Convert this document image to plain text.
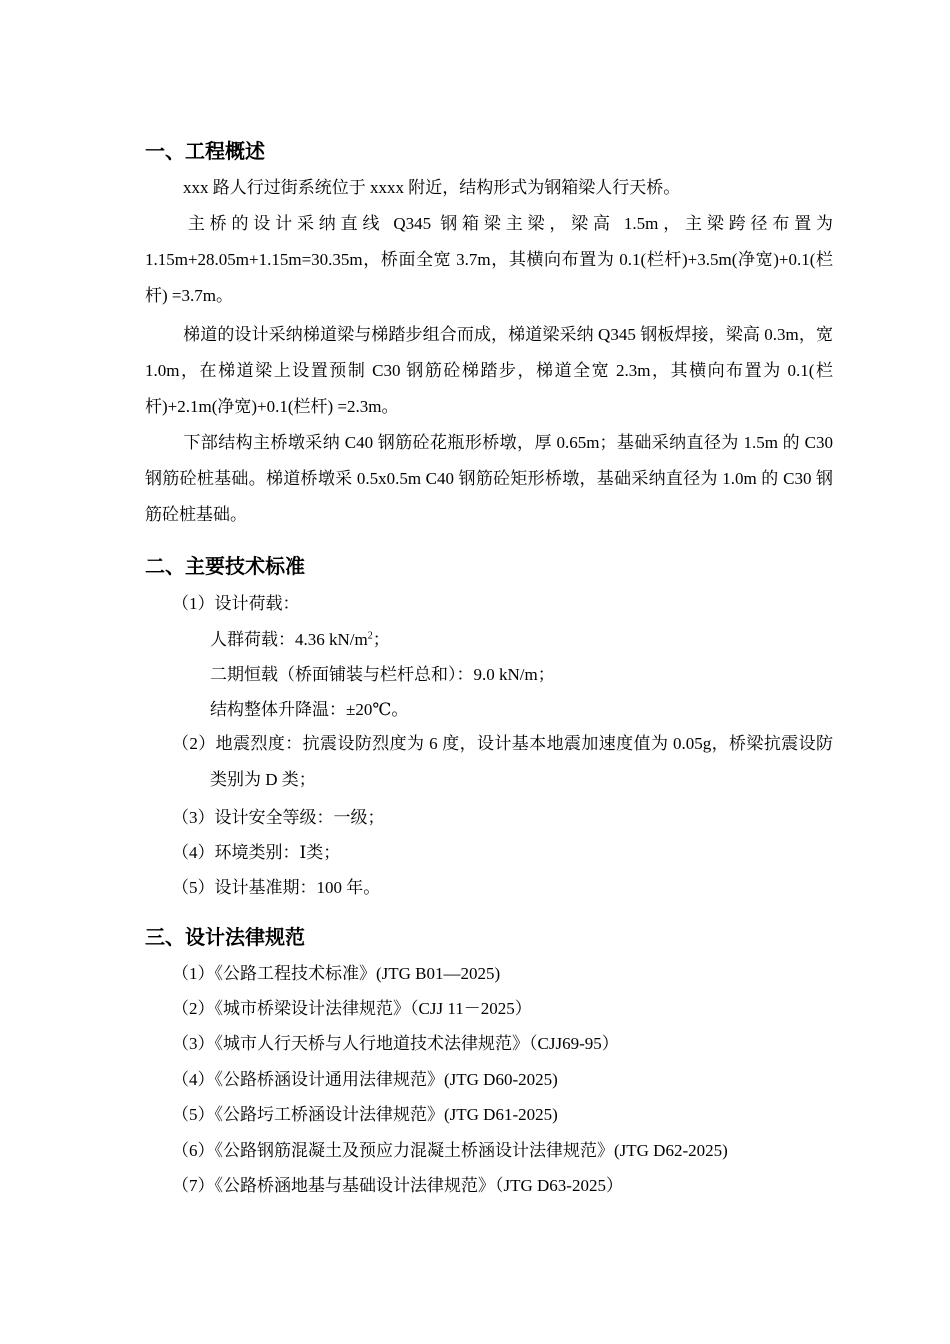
一、工程概述

xxx 路人行过街系统位于 xxxx 附近，结构形式为钢箱梁人行天桥。

主桥的设计采纳直线 Q345 钢箱梁主梁，梁高 1.5m，主梁跨径布置为 1.15m+28.05m+1.15m=30.35m，桥面全宽 3.7m，其横向布置为 0.1(栏杆)+3.5m(净宽)+0.1(栏杆) =3.7m。

梯道的设计采纳梯道梁与梯踏步组合而成，梯道梁采纳 Q345 钢板焊接，梁高 0.3m，宽 1.0m，在梯道梁上设置预制 C30 钢筋砼梯踏步，梯道全宽 2.3m，其横向布置为 0.1(栏杆)+2.1m(净宽)+0.1(栏杆) =2.3m。

下部结构主桥墩采纳 C40 钢筋砼花瓶形桥墩，厚 0.65m；基础采纳直径为 1.5m 的 C30 钢筋砼桩基础。梯道桥墩采 0.5x0.5m C40 钢筋砼矩形桥墩，基础采纳直径为 1.0m 的 C30 钢筋砼桩基础。

二、主要技术标准
（1）设计荷载：
人群荷载：4.36 $kN/m^2$；
二期恒载（桥面铺装与栏杆总和）：9.0 kN/m；
结构整体升降温：±20℃。
（2）地震烈度：抗震设防烈度为 6 度，设计基本地震加速度值为 0.05g，桥梁抗震设防类别为 D 类；
（3）设计安全等级：一级；
（4）环境类别：Ⅰ类；
（5）设计基准期：100 年。
三、设计法律规范
（1）《公路工程技术标准》(JTG B01—2025)
（2）《城市桥梁设计法律规范》（CJJ 11－2025）
（3）《城市人行天桥与人行地道技术法律规范》（CJJ69-95）
（4）《公路桥涵设计通用法律规范》(JTG D60-2025)
（5）《公路圬工桥涵设计法律规范》(JTG D61-2025)
（6）《公路钢筋混凝土及预应力混凝土桥涵设计法律规范》(JTG D62-2025)
（7）《公路桥涵地基与基础设计法律规范》（JTG D63-2025）
